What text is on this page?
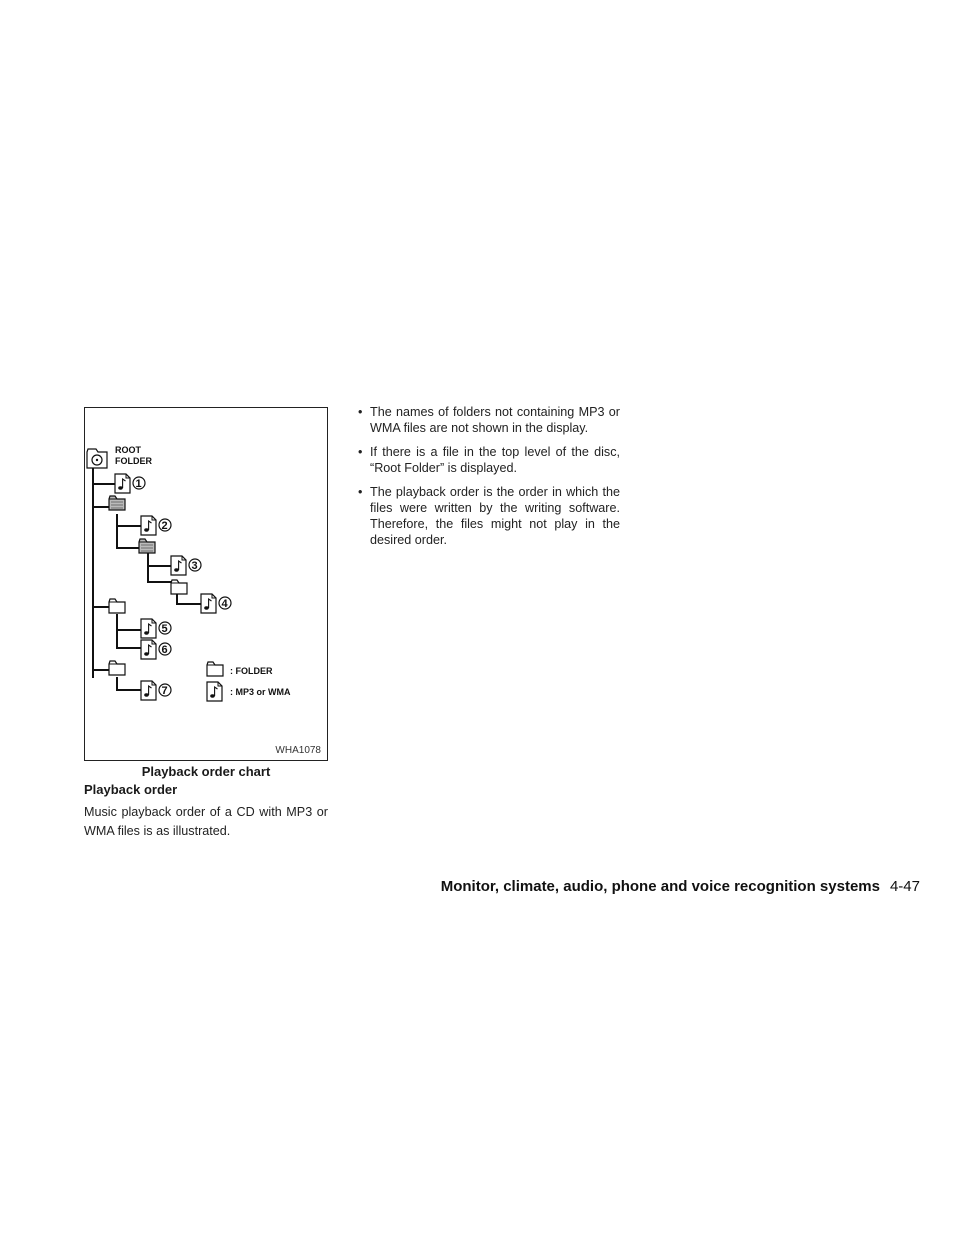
ROOT
FOLDER
1
2
3
4
5
6
7
: FOLDER
: MP3 or WMA
WHA1078
Playback order chart
Playback order
Music playback order of a CD with MP3 or WMA files is as illustrated.
• The names of folders not containing MP3 or WMA files are not shown in the display.
• If there is a file in the top level of the disc, “Root Folder” is displayed.
• The playback order is the order in which the files were written by the writing software. Therefore, the files might not play in the desired order.
Monitor, climate, audio, phone and voice recognition systems 4-47
